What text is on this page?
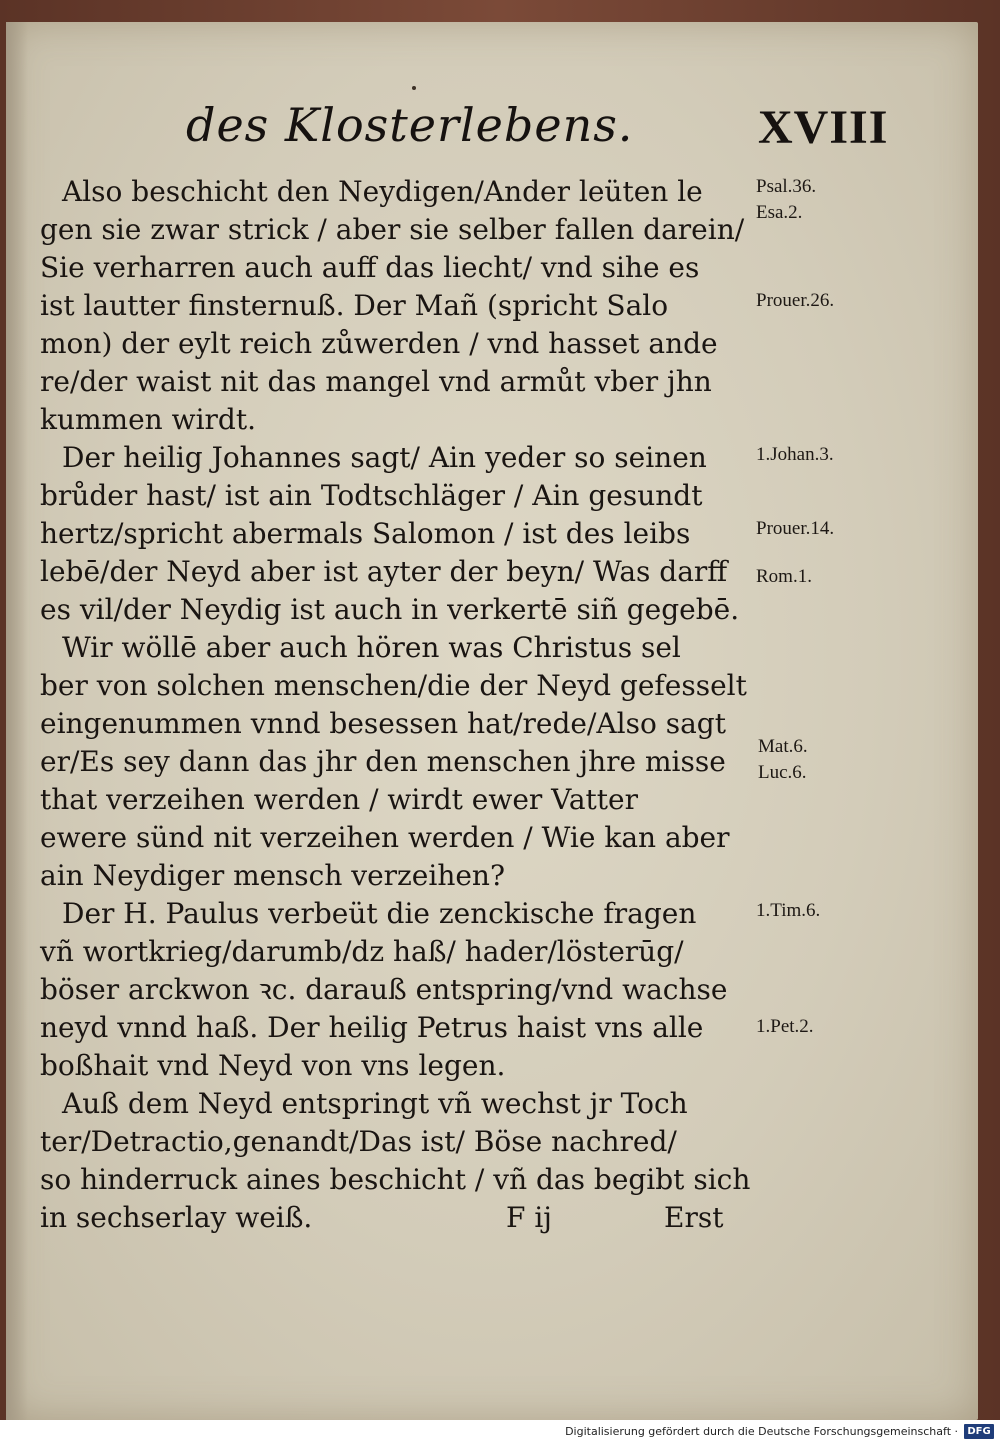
des Klosterlebens.	XVIII
Also beschicht den Neydigen/Ander leüten le
gen sie zwar strick / aber sie selber fallen darein/
Sie verharren auch auff das liecht/ vnd sihe es
ist lautter finsternuß. Der Mañ (spricht Salo
mon) der eylt reich zůwerden / vnd hasset ande
re/der waist nit das mangel vnd armůt vber jhn
kummen wirdt.
Der heilig Johannes sagt/ Ain yeder so seinen
brůder hast/ ist ain Todtschläger / Ain gesundt
hertz/spricht abermals Salomon / ist des leibs
lebē/der Neyd aber ist ayter der beyn/ Was darff
es vil/der Neydig ist auch in verkertē siñ gegebē.
Wir wöllē aber auch hören was Christus sel
ber von solchen menschen/die der Neyd gefesselt
eingenummen vnnd besessen hat/rede/Also sagt
er/Es sey dann das jhr den menschen jhre misse
that verzeihen werden / wirdt ewer Vatter
ewere sünd nit verzeihen werden / Wie kan aber
ain Neydiger mensch verzeihen?
Der H. Paulus verbeüt die zenckische fragen
vñ wortkrieg/darumb/dz haß/ hader/lösterūg/
böser arckwon ꝛc. darauß entspring/vnd wachse
neyd vnnd haß. Der heilig Petrus haist vns alle
boßhait vnd Neyd von vns legen.
Auß dem Neyd entspringt vñ wechst jr Toch
ter/Detractio,genandt/Das ist/ Böse nachred/
so hinderruck aines beschicht / vñ das begibt sich
in sechserlay weiß.	F ij	Erst
Psal.36.
Esa.2.
Prouer.26.
1.Johan.3.
Prouer.14.
Rom.1.
Mat.6.
Luc.6.
1.Tim.6.
1.Pet.2.
Digitalisierung gefördert durch die Deutsche Forschungsgemeinschaft · DFG
